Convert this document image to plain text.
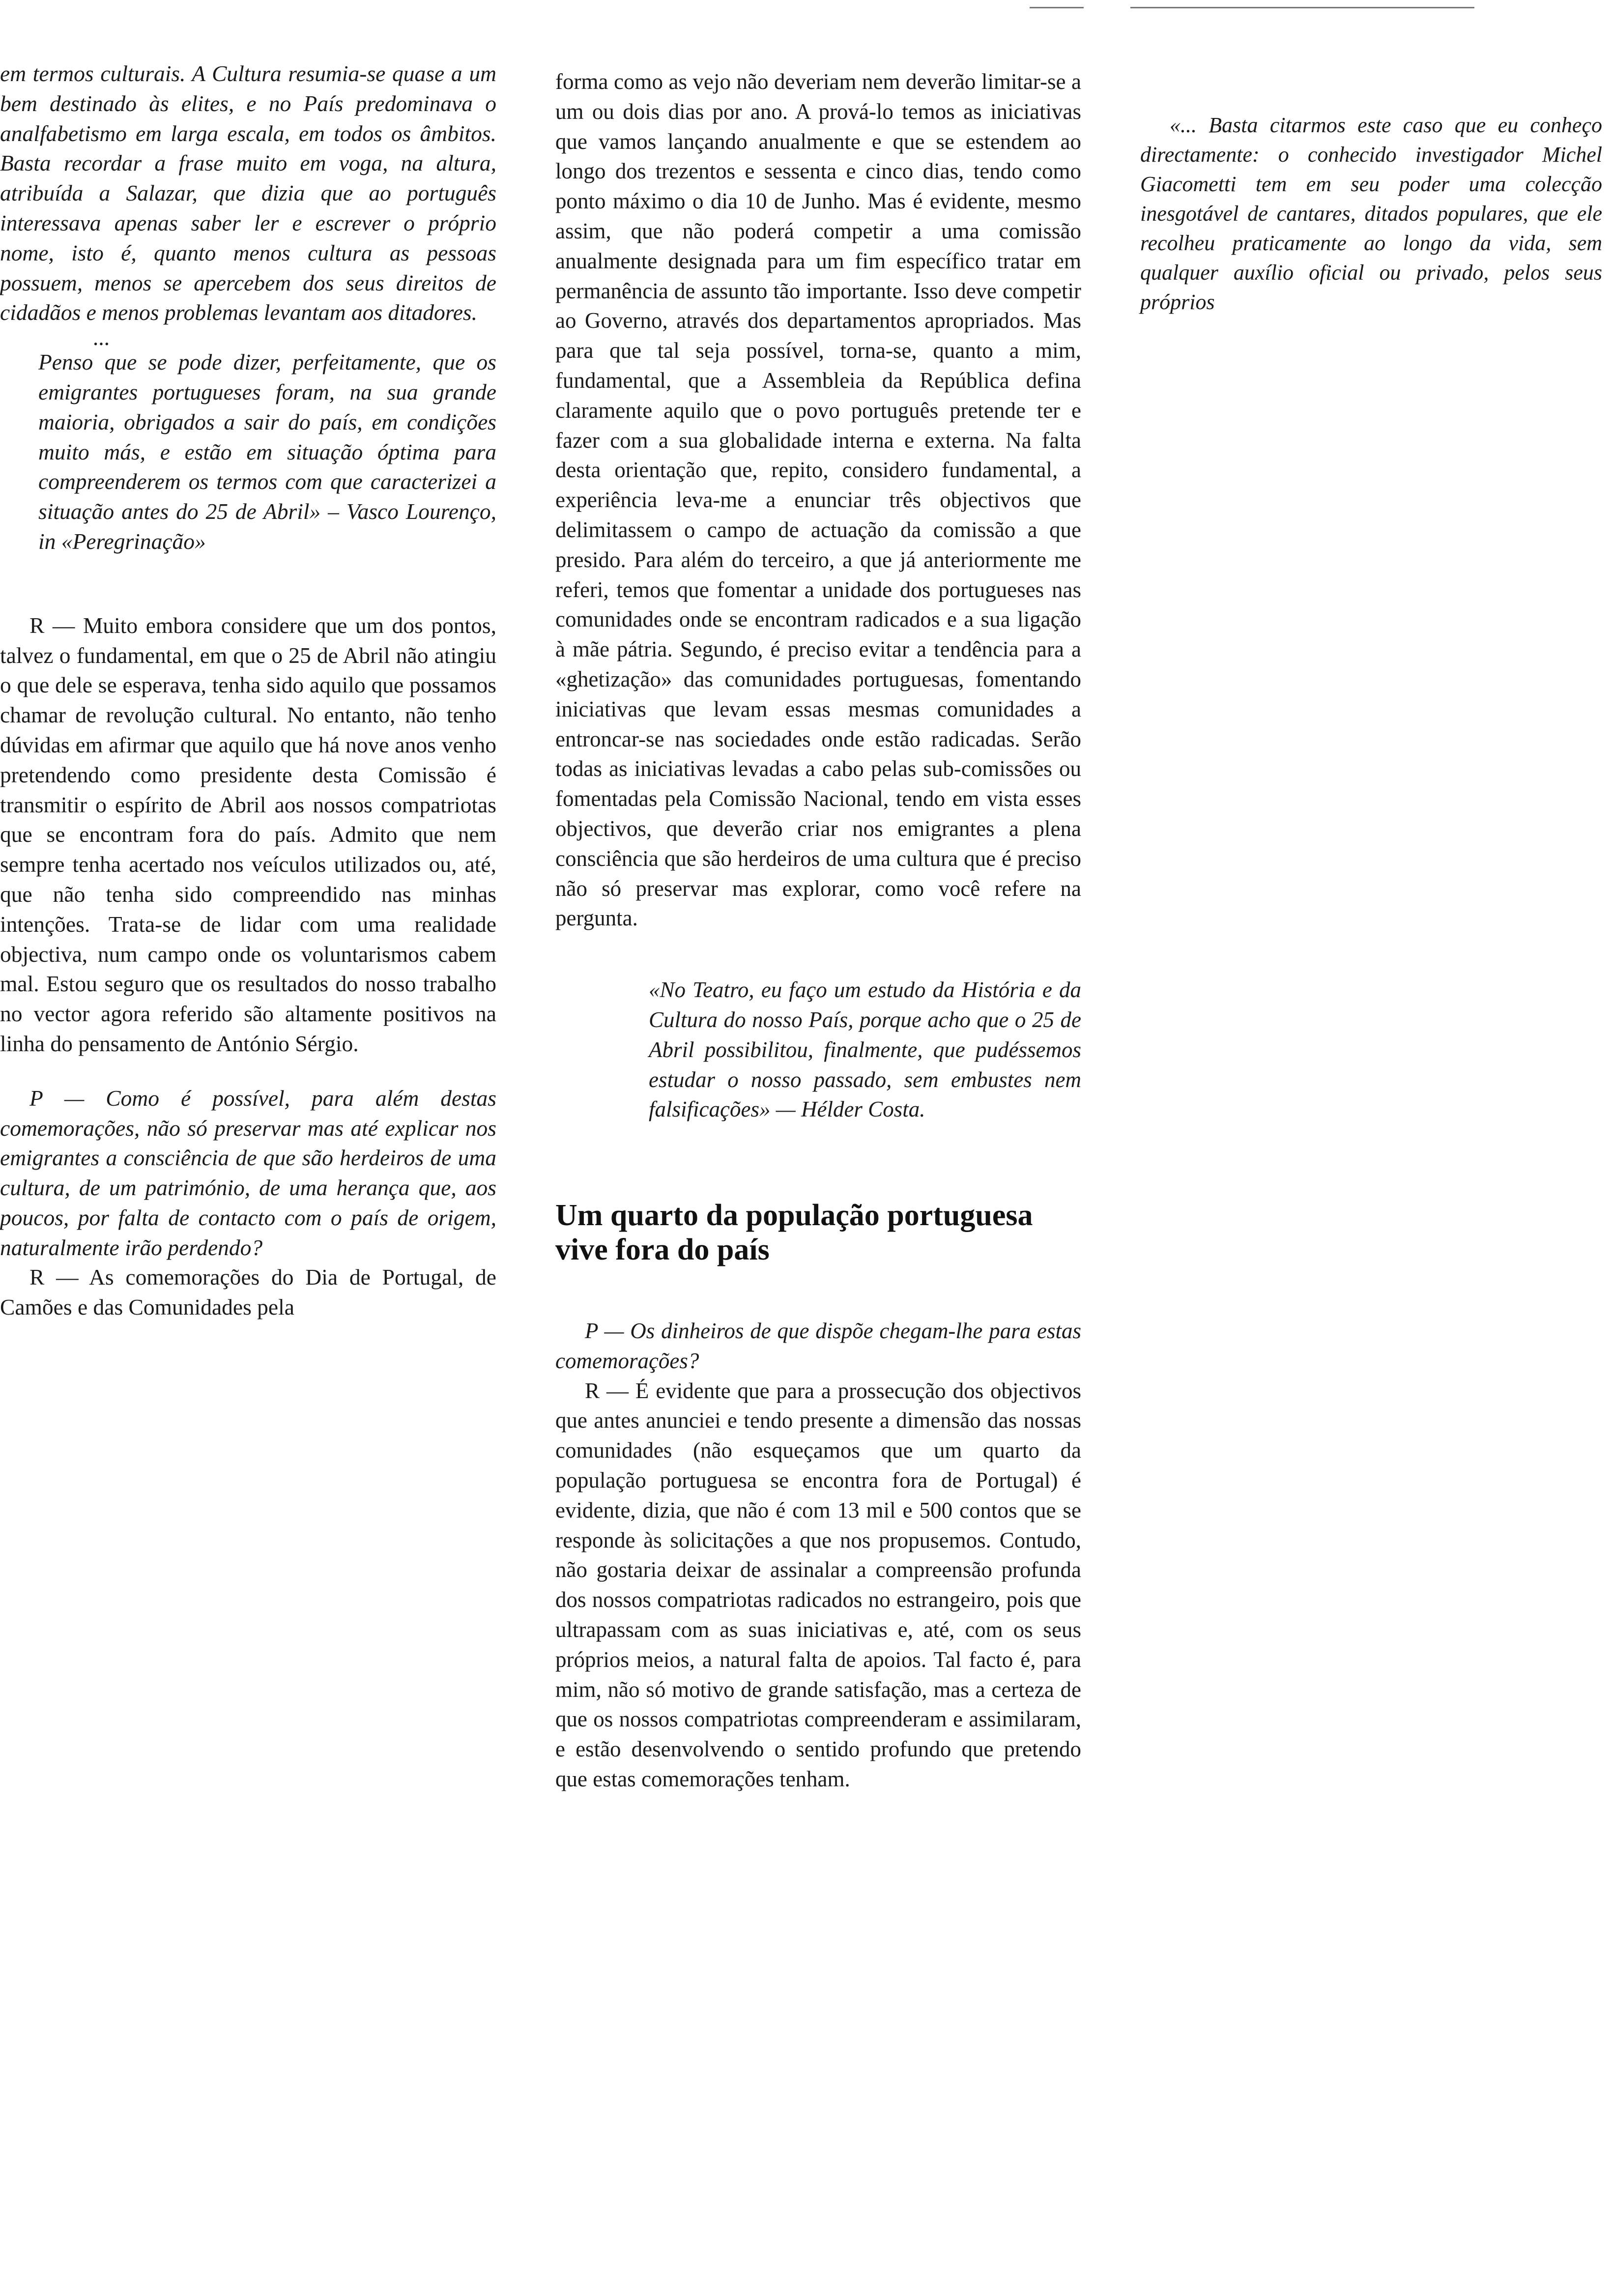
em termos culturais. A Cultura resumia-se quase a um bem destinado às elites, e no País predominava o analfabetismo em larga escala, em todos os âmbitos. Basta recordar a frase muito em voga, na altura, atribuída a Salazar, que dizia que ao português interessava apenas saber ler e escrever o próprio nome, isto é, quanto menos cultura as pessoas possuem, menos se apercebem dos seus direitos de cidadãos e menos problemas levantam aos ditadores.

...

Penso que se pode dizer, perfeitamente, que os emigrantes portugueses foram, na sua grande maioria, obrigados a sair do país, em condições muito más, e estão em situação óptima para compreenderem os termos com que caracterizei a situação antes do 25 de Abril» – Vasco Lourenço, in «Peregrinação»

R — Muito embora considere que um dos pontos, talvez o fundamental, em que o 25 de Abril não atingiu o que dele se esperava, tenha sido aquilo que possamos chamar de revolução cultural. No entanto, não tenho dúvidas em afirmar que aquilo que há nove anos venho pretendendo como presidente desta Comissão é transmitir o espírito de Abril aos nossos compatriotas que se encontram fora do país. Admito que nem sempre tenha acertado nos veículos utilizados ou, até, que não tenha sido compreendido nas minhas intenções. Trata-se de lidar com uma realidade objectiva, num campo onde os voluntarismos cabem mal. Estou seguro que os resultados do nosso trabalho no vector agora referido são altamente positivos na linha do pensamento de António Sérgio.

P — Como é possível, para além destas comemorações, não só preservar mas até explicar nos emigrantes a consciência de que são herdeiros de uma cultura, de um património, de uma herança que, aos poucos, por falta de contacto com o país de origem, naturalmente irão perdendo?

R — As comemorações do Dia de Portugal, de Camões e das Comunidades pela

forma como as vejo não deveriam nem deverão limitar-se a um ou dois dias por ano. A prová-lo temos as iniciativas que vamos lançando anualmente e que se estendem ao longo dos trezentos e sessenta e cinco dias, tendo como ponto máximo o dia 10 de Junho. Mas é evidente, mesmo assim, que não poderá competir a uma comissão anualmente designada para um fim específico tratar em permanência de assunto tão importante. Isso deve competir ao Governo, através dos departamentos apropriados. Mas para que tal seja possível, torna-se, quanto a mim, fundamental, que a Assembleia da República defina claramente aquilo que o povo português pretende ter e fazer com a sua globalidade interna e externa. Na falta desta orientação que, repito, considero fundamental, a experiência leva-me a enunciar três objectivos que delimitassem o campo de actuação da comissão a que presido. Para além do terceiro, a que já anteriormente me referi, temos que fomentar a unidade dos portugueses nas comunidades onde se encontram radicados e a sua ligação à mãe pátria. Segundo, é preciso evitar a tendência para a «ghetização» das comunidades portuguesas, fomentando iniciativas que levam essas mesmas comunidades a entroncar-se nas sociedades onde estão radicadas. Serão todas as iniciativas levadas a cabo pelas sub-comissões ou fomentadas pela Comissão Nacional, tendo em vista esses objectivos, que deverão criar nos emigrantes a plena consciência que são herdeiros de uma cultura que é preciso não só preservar mas explorar, como você refere na pergunta.

«No Teatro, eu faço um estudo da História e da Cultura do nosso País, porque acho que o 25 de Abril possibilitou, finalmente, que pudéssemos estudar o nosso passado, sem embustes nem falsificações» — Hélder Costa.

Um quarto da população portuguesa vive fora do país

P — Os dinheiros de que dispõe chegam-lhe para estas comemorações?

R — É evidente que para a prossecução dos objectivos que antes anunciei e tendo presente a dimensão das nossas comunidades (não esqueçamos que um quarto da população portuguesa se encontra fora de Portugal) é evidente, dizia, que não é com 13 mil e 500 contos que se responde às solicitações a que nos propusemos. Contudo, não gostaria deixar de assinalar a compreensão profunda dos nossos compatriotas radicados no estrangeiro, pois que ultrapassam com as suas iniciativas e, até, com os seus próprios meios, a natural falta de apoios. Tal facto é, para mim, não só motivo de grande satisfação, mas a certeza de que os nossos compatriotas compreenderam e assimilaram, e estão desenvolvendo o sentido profundo que pretendo que estas comemorações tenham.

«... Basta citarmos este caso que eu conheço directamente: o conhecido investigador Michel Giacometti tem em seu poder uma colecção inesgotável de cantares, ditados populares, que ele recolheu praticamente ao longo da vida, sem qualquer auxílio oficial ou privado, pelos seus próprios
